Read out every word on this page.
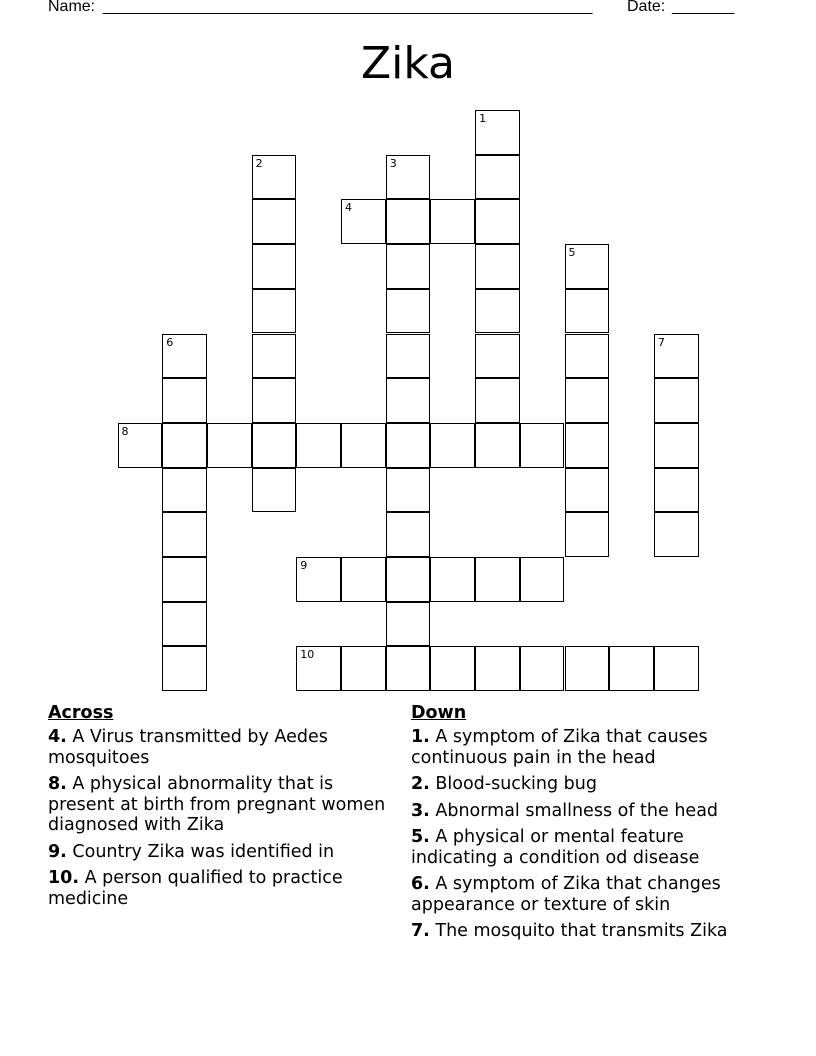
Name: _______________________________________________________ Date: _______
Zika
1
2	3
4
5
6	7
8
9
10
Across
4. A Virus transmitted by Aedes mosquitoes
8. A physical abnormality that is present at birth from pregnant women diagnosed with Zika
9. Country Zika was identified in
10. A person qualified to practice medicine
Down
1. A symptom of Zika that causes continuous pain in the head
2. Blood-sucking bug
3. Abnormal smallness of the head
5. A physical or mental feature indicating a condition od disease
6. A symptom of Zika that changes appearance or texture of skin
7. The mosquito that transmits Zika
